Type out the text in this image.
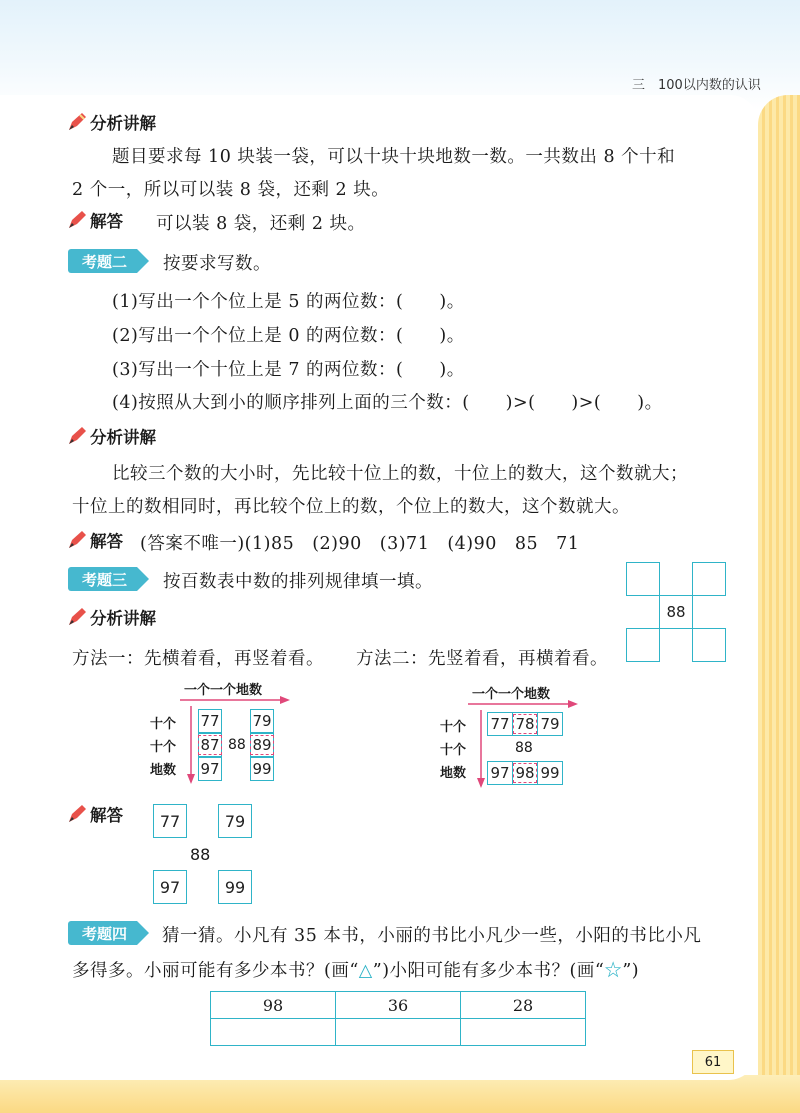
三　100以内数的认识
分析讲解
题目要求每 10 块装一袋，可以十块十块地数一数。一共数出 8 个十和
2 个一，所以可以装 8 袋，还剩 2 块。
解答 可以装 8 袋，还剩 2 块。
考题二	按要求写数。
(1)写出一个个位上是 5 的两位数：(　　)。
(2)写出一个个位上是 0 的两位数：(　　)。
(3)写出一个十位上是 7 的两位数：(　　)。
(4)按照从大到小的顺序排列上面的三个数：(　　)>(　　)>(　　)。
分析讲解
比较三个数的大小时，先比较十位上的数，十位上的数大，这个数就大；
十位上的数相同时，再比较个位上的数，个位上的数大，这个数就大。
解答 (答案不唯一)(1)85　(2)90　(3)71　(4)90　85　71
考题三	按百数表中数的排列规律填一填。
88
分析讲解
方法一：先横着看，再竖着看。 方法二：先竖着看，再横着看。
一个一个地数
十个
十个
地数
77 79
87 88 89
97 99
一个一个地数
十个
十个
地数
77 78 79
88
97 98 99
解答	77	79
88
97	99
考题四	猜一猜。小凡有 35 本书，小丽的书比小凡少一些，小阳的书比小凡
多得多。小丽可能有多少本书？(画“△”)小阳可能有多少本书？(画“☆”)
98	36	28

61
